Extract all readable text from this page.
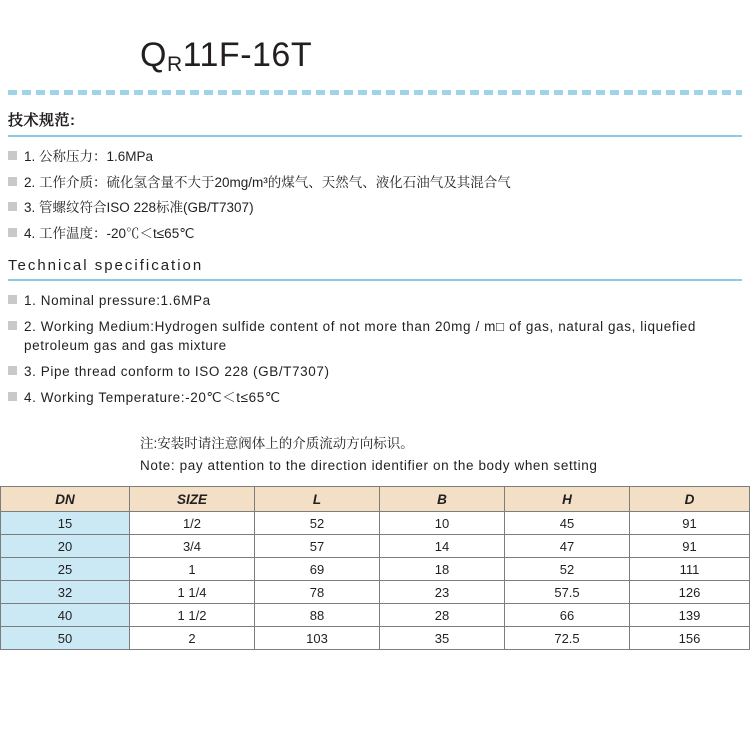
QR11F-16T
技术规范:
1. 公称压力：1.6MPa
2. 工作介质：硫化氢含量不大于20mg/m³的煤气、天然气、液化石油气及其混合气
3. 管螺纹符合ISO 228标准(GB/T7307)
4. 工作温度：-20℃＜t≤65℃
Technical specification
1. Nominal pressure:1.6MPa
2. Working Medium:Hydrogen sulfide content of not more than 20mg / m□ of gas, natural gas, liquefied petroleum gas and gas mixture
3. Pipe thread conform to ISO 228 (GB/T7307)
4. Working Temperature:-20℃＜t≤65℃
注:安装时请注意阀体上的介质流动方向标识。
Note: pay attention to the direction identifier on the body when setting
DN	SIZE	L	B	H	D
15	1/2	52	10	45	91
20	3/4	57	14	47	91
25	1	69	18	52	111
32	1 1/4	78	23	57.5	126
40	1 1/2	88	28	66	139
50	2	103	35	72.5	156
